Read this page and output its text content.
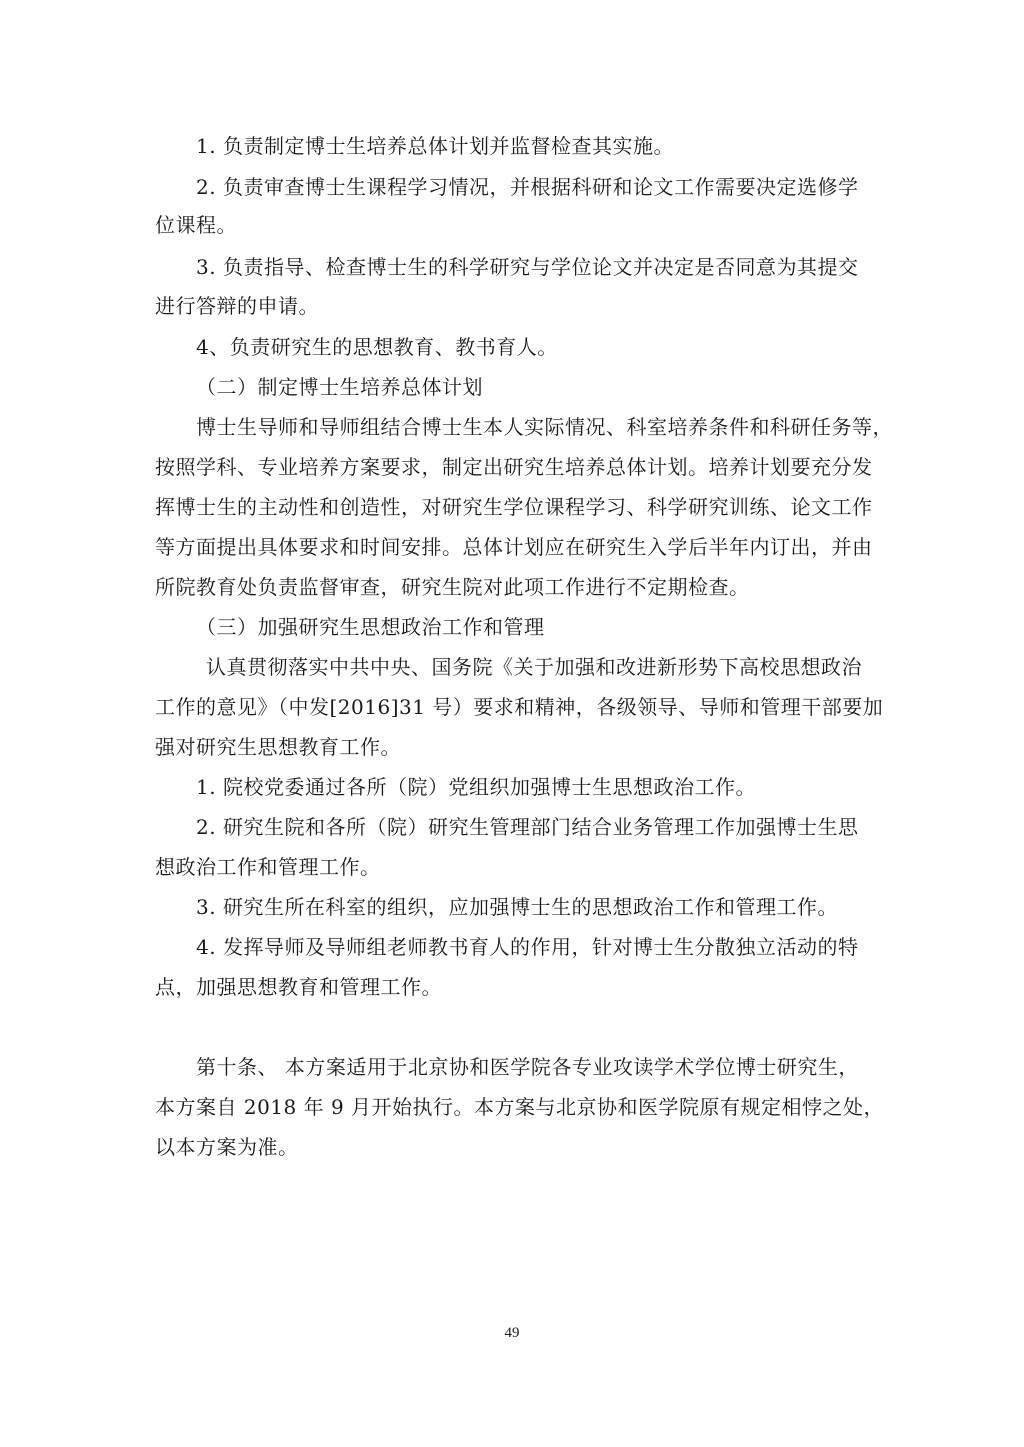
1. 负责制定博士生培养总体计划并监督检查其实施。
2. 负责审查博士生课程学习情况，并根据科研和论文工作需要决定选修学
位课程。
3. 负责指导、检查博士生的科学研究与学位论文并决定是否同意为其提交
进行答辩的申请。
4、负责研究生的思想教育、教书育人。
（二）制定博士生培养总体计划
博士生导师和导师组结合博士生本人实际情况、科室培养条件和科研任务等，
按照学科、专业培养方案要求，制定出研究生培养总体计划。培养计划要充分发
挥博士生的主动性和创造性，对研究生学位课程学习、科学研究训练、论文工作
等方面提出具体要求和时间安排。总体计划应在研究生入学后半年内订出，并由
所院教育处负责监督审查，研究生院对此项工作进行不定期检查。
（三）加强研究生思想政治工作和管理
认真贯彻落实中共中央、国务院《关于加强和改进新形势下高校思想政治
工作的意见》（中发[2016]31 号）要求和精神，各级领导、导师和管理干部要加
强对研究生思想教育工作。
1. 院校党委通过各所（院）党组织加强博士生思想政治工作。
2. 研究生院和各所（院）研究生管理部门结合业务管理工作加强博士生思
想政治工作和管理工作。
3. 研究生所在科室的组织，应加强博士生的思想政治工作和管理工作。
4. 发挥导师及导师组老师教书育人的作用，针对博士生分散独立活动的特
点，加强思想教育和管理工作。
第十条、 本方案适用于北京协和医学院各专业攻读学术学位博士研究生，
本方案自 2018 年 9 月开始执行。本方案与北京协和医学院原有规定相悖之处，
以本方案为准。
49
